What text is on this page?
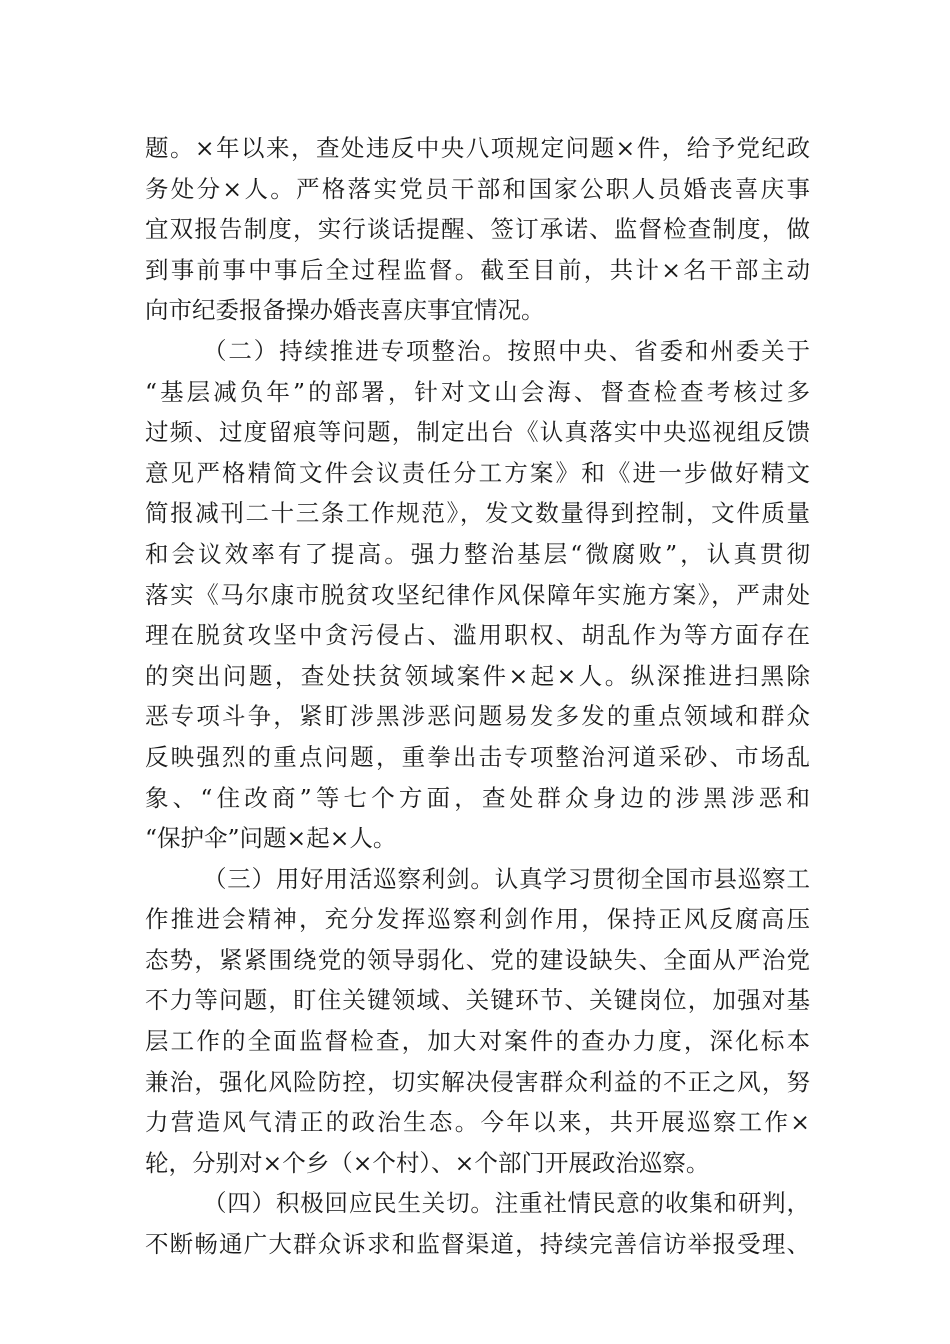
题。×年以来，查处违反中央八项规定问题×件，给予党纪政
务处分×人。严格落实党员干部和国家公职人员婚丧喜庆事
宜双报告制度，实行谈话提醒、签订承诺、监督检查制度，做
到事前事中事后全过程监督。截至目前，共计×名干部主动
向市纪委报备操办婚丧喜庆事宜情况。
（二）持续推进专项整治。按照中央、省委和州委关于
“基层减负年”的部署，针对文山会海、督查检查考核过多
过频、过度留痕等问题，制定出台《认真落实中央巡视组反馈
意见严格精简文件会议责任分工方案》和《进一步做好精文
简报减刊二十三条工作规范》，发文数量得到控制，文件质量
和会议效率有了提高。强力整治基层“微腐败”，认真贯彻
落实《马尔康市脱贫攻坚纪律作风保障年实施方案》，严肃处
理在脱贫攻坚中贪污侵占、滥用职权、胡乱作为等方面存在
的突出问题，查处扶贫领域案件×起×人。纵深推进扫黑除
恶专项斗争，紧盯涉黑涉恶问题易发多发的重点领域和群众
反映强烈的重点问题，重拳出击专项整治河道采砂、市场乱
象、“住改商”等七个方面，查处群众身边的涉黑涉恶和
“保护伞”问题×起×人。
（三）用好用活巡察利剑。认真学习贯彻全国市县巡察工
作推进会精神，充分发挥巡察利剑作用，保持正风反腐高压
态势，紧紧围绕党的领导弱化、党的建设缺失、全面从严治党
不力等问题，盯住关键领域、关键环节、关键岗位，加强对基
层工作的全面监督检查，加大对案件的查办力度，深化标本
兼治，强化风险防控，切实解决侵害群众利益的不正之风，努
力营造风气清正的政治生态。今年以来，共开展巡察工作×
轮，分别对×个乡（×个村）、×个部门开展政治巡察。
（四）积极回应民生关切。注重社情民意的收集和研判，
不断畅通广大群众诉求和监督渠道，持续完善信访举报受理、
